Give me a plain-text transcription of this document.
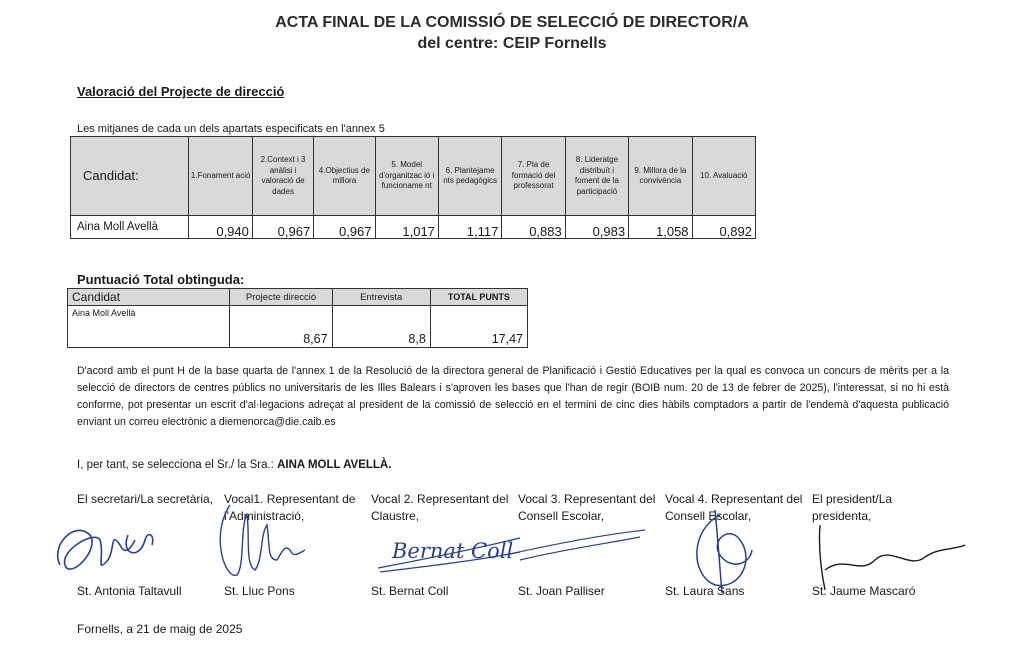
ACTA FINAL DE LA COMISSIÓ DE SELECCIÓ DE DIRECTOR/A
del centre: CEIP Fornells
Valoració del Projecte de direcció
Les mitjanes de cada un dels apartats especificats en l'annex 5
Candidat:	1.Fonament ació	2.Context i 3 anàlisi i valoració de dades	4.Objectius de millora	5. Model d'organitzac ió i funcioname nt	6. Plantejame nts pedagògics	7. Pla de formació del professorat	8. Lideratge distribuït i foment de la participació	9. Millora de la convivència	10. Avaluació
Aina Moll Avellà	0,940	0,967	0,967	1,017	1,117	0,883	0,983	1,058	0,892
Puntuació Total obtinguda:
Candidat	Projecte direcció	Entrevista	TOTAL PUNTS
Aina Moll Avellà	8,67	8,8	17,47
D'acord amb el punt H de la base quarta de l'annex 1 de la Resolució de la directora general de Planificació i Gestió Educatives per la qual es convoca un concurs de mèrits per a la selecció de directors de centres públics no universitaris de les Illes Balears i s'aproven les bases que l'han de regir (BOIB num. 20 de 13 de febrer de 2025), l'interessat, si no hi està conforme, pot presentar un escrit d'al·legacions adreçat al president de la comissió de selecció en el termini de cinc dies hàbils comptadors a partir de l'endemà d'aquesta publicació enviant un correu electrònic a diemenorca@die.caib.es
I, per tant, se selecciona el Sr./ la Sra.: AINA MOLL AVELLÀ.
El secretari/La secretària, Vocal1. Representant de l'Administració,
Vocal 2. Representant del Claustre,
Vocal 3. Representant del Consell Escolar,
Vocal 4. Representant del Consell Escolar,
El president/La presidenta,
Bernat Coll
St. Antonia Taltavull	St. Lluc Pons	St. Bernat Coll	St. Joan Palliser	St. Laura Sans	St. Jaume Mascaró
Fornells, a 21 de maig de 2025
